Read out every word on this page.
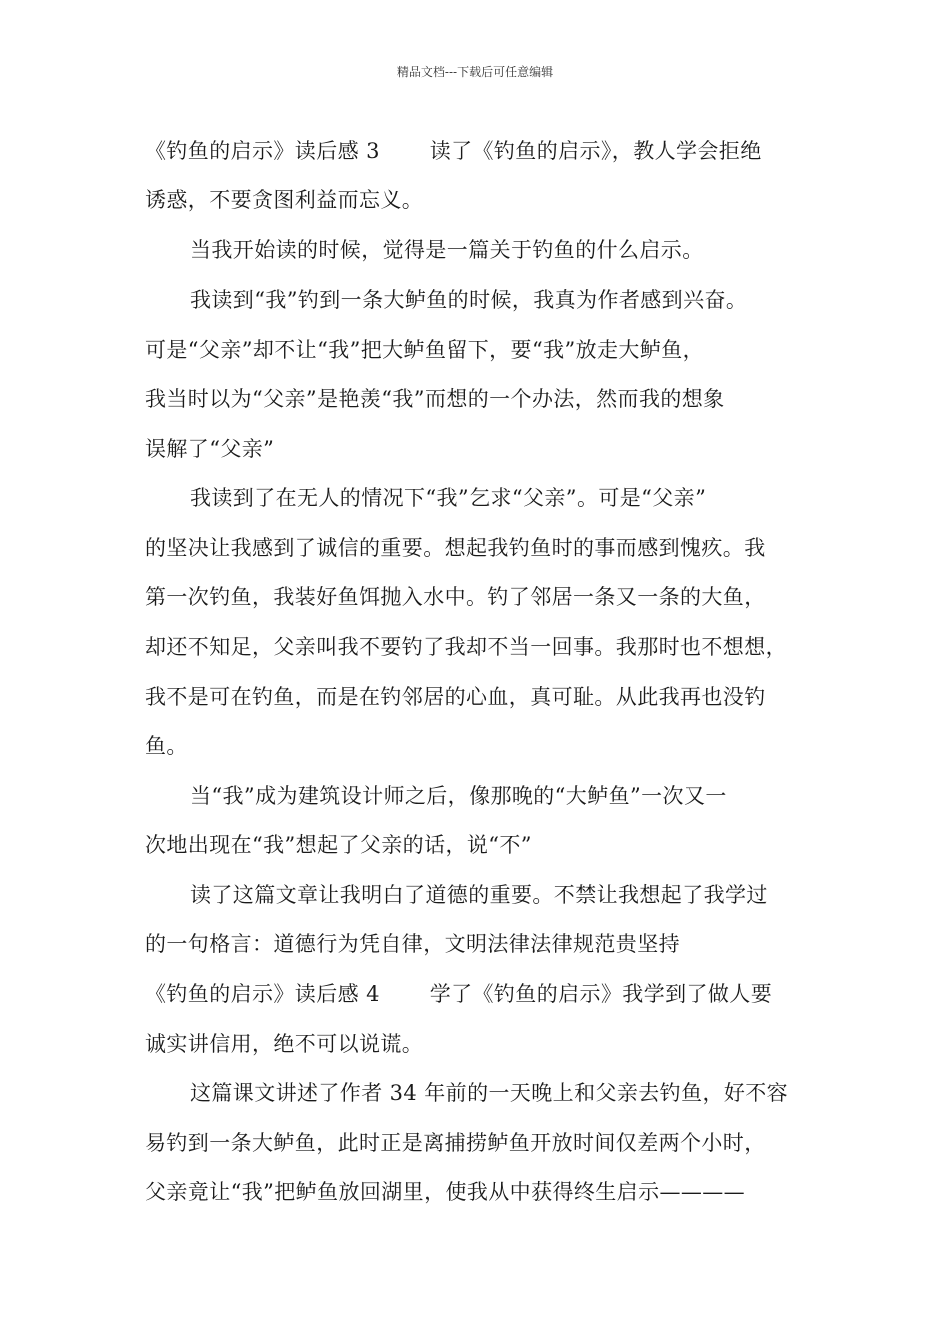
精品文档---下载后可任意编辑
《钓鱼的启示》读后感 3　　 读了《钓鱼的启示》，教人学会拒绝
诱惑，不要贪图利益而忘义。
当我开始读的时候，觉得是一篇关于钓鱼的什么启示。
我读到“我”钓到一条大鲈鱼的时候，我真为作者感到兴奋。
可是“父亲”却不让“我”把大鲈鱼留下，要“我”放走大鲈鱼，
我当时以为“父亲”是艳羡“我”而想的一个办法，然而我的想象
误解了“父亲”
我读到了在无人的情况下“我”乞求“父亲”。可是“父亲”
的坚决让我感到了诚信的重要。想起我钓鱼时的事而感到愧疚。我
第一次钓鱼，我装好鱼饵抛入水中。钓了邻居一条又一条的大鱼，
却还不知足，父亲叫我不要钓了我却不当一回事。我那时也不想想，
我不是可在钓鱼，而是在钓邻居的心血，真可耻。从此我再也没钓
鱼。
当“我”成为建筑设计师之后，像那晚的“大鲈鱼”一次又一
次地出现在“我”想起了父亲的话，说“不”
读了这篇文章让我明白了道德的重要。不禁让我想起了我学过
的一句格言：道德行为凭自律，文明法律法律规范贵坚持
《钓鱼的启示》读后感 4　　 学了《钓鱼的启示》我学到了做人要
诚实讲信用，绝不可以说谎。
这篇课文讲述了作者 34 年前的一天晚上和父亲去钓鱼，好不容
易钓到一条大鲈鱼，此时正是离捕捞鲈鱼开放时间仅差两个小时，
父亲竟让“我”把鲈鱼放回湖里，使我从中获得终生启示————
